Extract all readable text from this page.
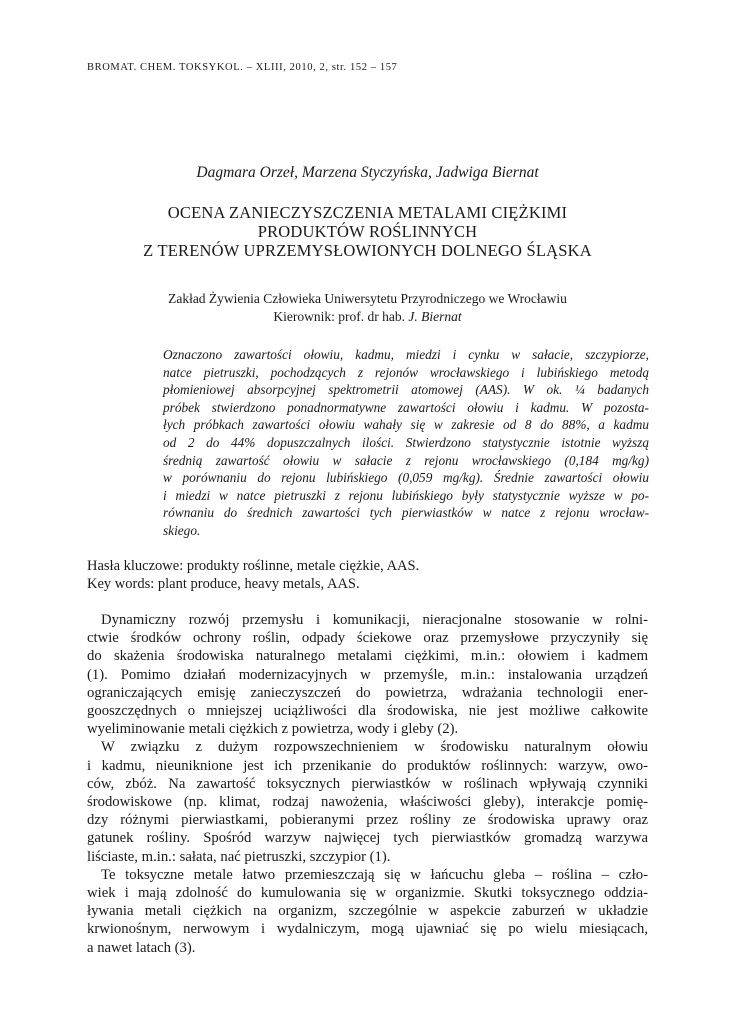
BROMAT. CHEM. TOKSYKOL. – XLIII, 2010, 2, str. 152 – 157
Dagmara Orzeł, Marzena Styczyńska, Jadwiga Biernat
OCENA ZANIECZYSZCZENIA METALAMI CIĘŻKIMI
PRODUKTÓW ROŚLINNYCH
Z TERENÓW UPRZEMYSŁOWIONYCH DOLNEGO ŚLĄSKA
Zakład Żywienia Człowieka Uniwersytetu Przyrodniczego we Wrocławiu
Kierownik: prof. dr hab. J. Biernat
Oznaczono zawartości ołowiu, kadmu, miedzi i cynku w sałacie, szczypiorze,
natce pietruszki, pochodzących z rejonów wrocławskiego i lubińskiego metodą
płomieniowej absorpcyjnej spektrometrii atomowej (AAS). W ok. ¼ badanych
próbek stwierdzono ponadnormatywne zawartości ołowiu i kadmu. W pozosta-
łych próbkach zawartości ołowiu wahały się w zakresie od 8 do 88%, a kadmu
od 2 do 44% dopuszczalnych ilości. Stwierdzono statystycznie istotnie wyższą
średnią zawartość ołowiu w sałacie z rejonu wrocławskiego (0,184 mg/kg)
w porównaniu do rejonu lubińskiego (0,059 mg/kg). Średnie zawartości ołowiu
i miedzi w natce pietruszki z rejonu lubińskiego były statystycznie wyższe w po-
równaniu do średnich zawartości tych pierwiastków w natce z rejonu wrocław-
skiego.
Hasła kluczowe: produkty roślinne, metale ciężkie, AAS.
Key words: plant produce, heavy metals, AAS.
Dynamiczny rozwój przemysłu i komunikacji, nieracjonalne stosowanie w rolni-
ctwie środków ochrony roślin, odpady ściekowe oraz przemysłowe przyczyniły się
do skażenia środowiska naturalnego metalami ciężkimi, m.in.: ołowiem i kadmem
(1). Pomimo działań modernizacyjnych w przemyśle, m.in.: instalowania urządzeń
ograniczających emisję zanieczyszczeń do powietrza, wdrażania technologii ener-
gooszczędnych o mniejszej uciążliwości dla środowiska, nie jest możliwe całkowite
wyeliminowanie metali ciężkich z powietrza, wody i gleby (2).
W związku z dużym rozpowszechnieniem w środowisku naturalnym ołowiu
i kadmu, nieuniknione jest ich przenikanie do produktów roślinnych: warzyw, owo-
ców, zbóż. Na zawartość toksycznych pierwiastków w roślinach wpływają czynniki
środowiskowe (np. klimat, rodzaj nawożenia, właściwości gleby), interakcje pomię-
dzy różnymi pierwiastkami, pobieranymi przez rośliny ze środowiska uprawy oraz
gatunek rośliny. Spośród warzyw najwięcej tych pierwiastków gromadzą warzywa
liściaste, m.in.: sałata, nać pietruszki, szczypior (1).
Te toksyczne metale łatwo przemieszczają się w łańcuchu gleba – roślina – czło-
wiek i mają zdolność do kumulowania się w organizmie. Skutki toksycznego oddzia-
ływania metali ciężkich na organizm, szczególnie w aspekcie zaburzeń w układzie
krwionośnym, nerwowym i wydalniczym, mogą ujawniać się po wielu miesiącach,
a nawet latach (3).
